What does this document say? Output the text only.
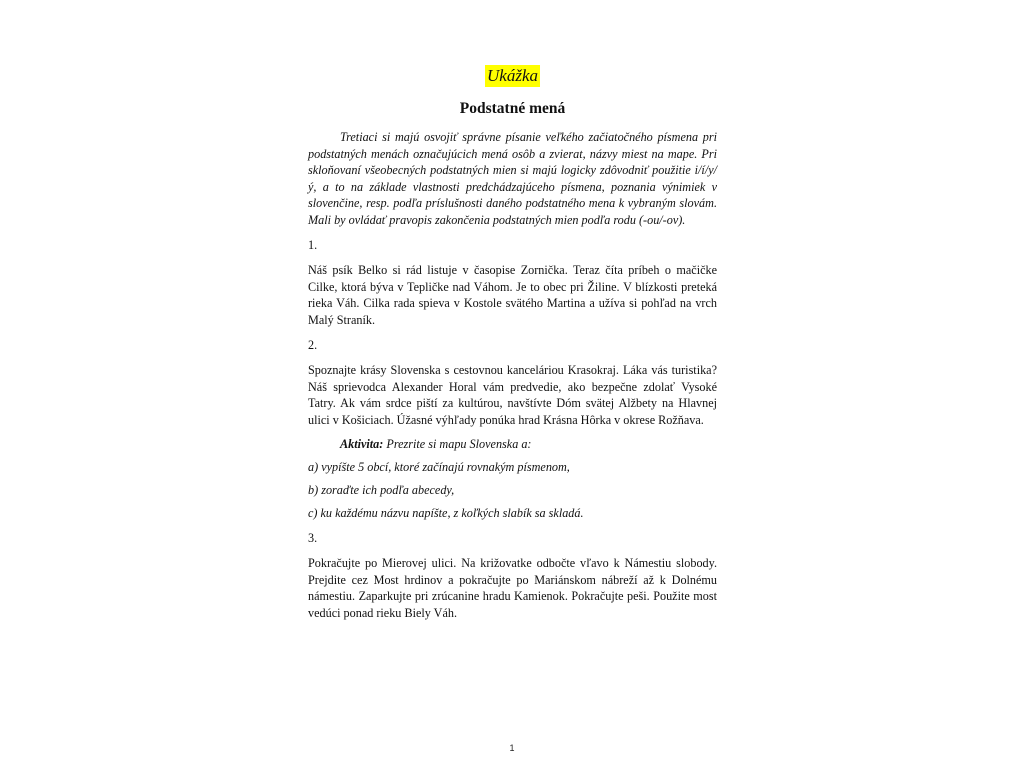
Ukážka
Podstatné mená

Tretiaci si majú osvojiť správne písanie veľkého začiatočného písmena pri podstatných menách označujúcich mená osôb a zvierat, názvy miest na mape. Pri skloňovaní všeobecných podstatných mien si majú logicky zdôvodniť použitie i/í/y/ý, a to na základe vlastnosti predchádzajúceho písmena, poznania výnimiek v slovenčine, resp. podľa príslušnosti daného podstatného mena k vybraným slovám. Mali by ovládať pravopis zakončenia podstatných mien podľa rodu (-ou/-ov).

1.

Náš psík Belko si rád listuje v časopise Zornička. Teraz číta príbeh o mačičke Cilke, ktorá býva v Tepličke nad Váhom. Je to obec pri Žiline. V blízkosti preteká rieka Váh. Cilka rada spieva v Kostole svätého Martina a užíva si pohľad na vrch Malý Straník.

2.

Spoznajte krásy Slovenska s cestovnou kanceláriou Krasokraj. Láka vás turistika? Náš sprievodca Alexander Horal vám predvedie, ako bezpečne zdolať Vysoké Tatry. Ak vám srdce piští za kultúrou, navštívte Dóm svätej Alžbety na Hlavnej ulici v Košiciach. Úžasné výhľady ponúka hrad Krásna Hôrka v okrese Rožňava.

Aktivita: Prezrite si mapu Slovenska a:

a) vypíšte 5 obcí, ktoré začínajú rovnakým písmenom,

b) zoraďte ich podľa abecedy,

c) ku každému názvu napíšte, z koľkých slabík sa skladá.

3.

Pokračujte po Mierovej ulici. Na križovatke odbočte vľavo k Námestiu slobody. Prejdite cez Most hrdinov a pokračujte po Mariánskom nábreží až k Dolnému námestiu. Zaparkujte pri zrúcanine hradu Kamienok. Pokračujte peši. Použite most vedúci ponad rieku Biely Váh.

1
